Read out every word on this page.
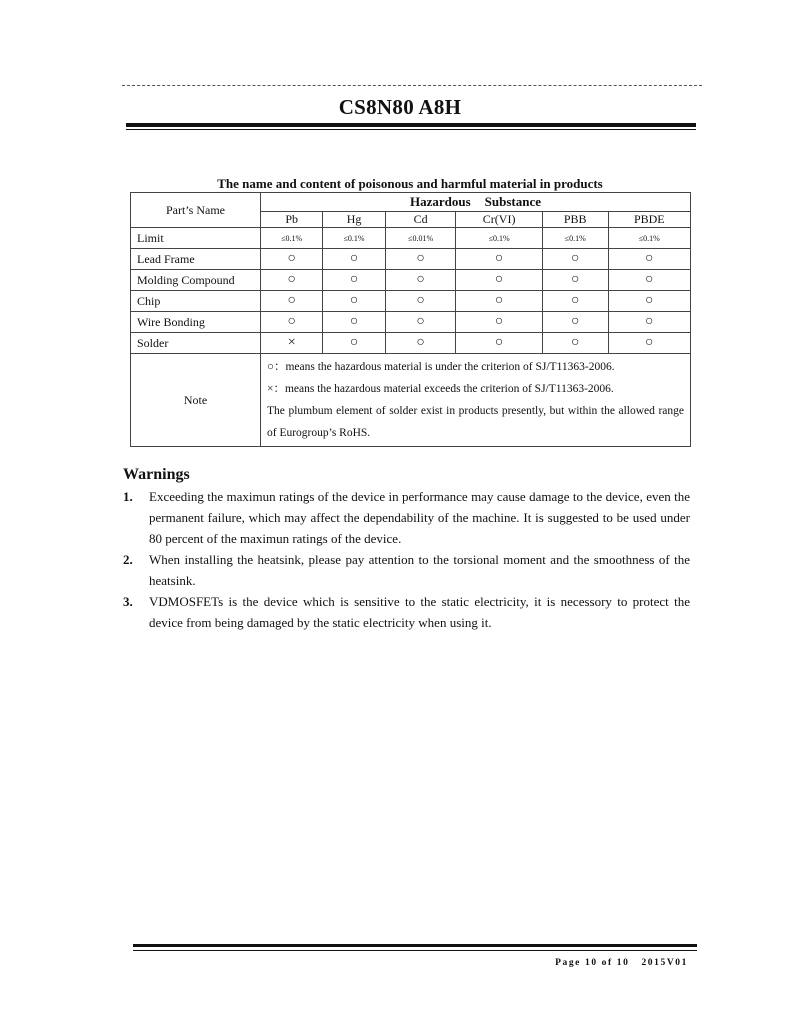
CS8N80 A8H
The name and content of poisonous and harmful material in products
Part’s Name	Hazardous Substance					
	Pb	Hg	Cd	Cr(VI)	PBB	PBDE
Limit	≤0.1%	≤0.1%	≤0.01%	≤0.1%	≤0.1%	≤0.1%
Lead Frame	○	○	○	○	○	○
Molding Compound	○	○	○	○	○	○
Chip	○	○	○	○	○	○
Wire Bonding	○	○	○	○	○	○
Solder	×	○	○	○	○	○
Note	○：means the hazardous material is under the criterion of SJ/T11363-2006.
×：means the hazardous material exceeds the criterion of SJ/T11363-2006.
The plumbum element of solder exist in products presently, but within the allowed range of Eurogroup’s RoHS.					
Warnings
1. Exceeding the maximun ratings of the device in performance may cause damage to the device, even the permanent failure, which may affect the dependability of the machine. It is suggested to be used under 80 percent of the maximun ratings of the device.
2. When installing the heatsink, please pay attention to the torsional moment and the smoothness of the heatsink.
3. VDMOSFETs is the device which is sensitive to the static electricity, it is necessory to protect the device from being damaged by the static electricity when using it.
Page 10 of 10 2015V01
